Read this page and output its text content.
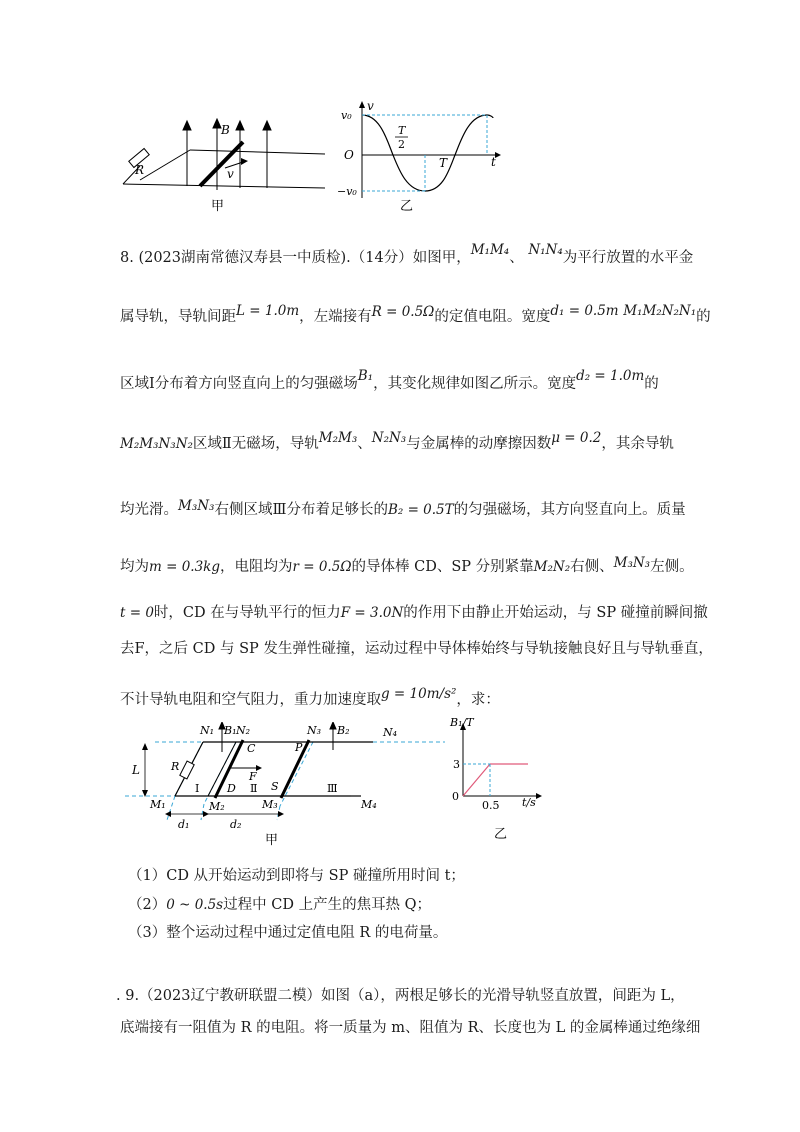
B
R	v
甲
v
v₀
O
−v₀
T
2
T	t
乙
8. (2023湖南常德汉寿县一中质检).（14分）如图甲，M₁M₄、 N₁N₄为平行放置的水平金
属导轨，导轨间距L = 1.0m，左端接有R = 0.5Ω的定值电阻。宽度d₁ = 0.5m M₁M₂N₂N₁的
区域Ⅰ分布着方向竖直向上的匀强磁场B₁，其变化规律如图乙所示。宽度d₂ = 1.0m的
M₂M₃N₃N₂区域Ⅱ无磁场，导轨M₂M₃、N₂N₃与金属棒的动摩擦因数μ = 0.2，其余导轨
均光滑。M₃N₃右侧区域Ⅲ分布着足够长的B₂ = 0.5T的匀强磁场，其方向竖直向上。质量
均为m = 0.3kg，电阻均为r = 0.5Ω的导体棒 CD、SP 分别紧靠M₂N₂右侧、M₃N₃左侧。
t = 0时，CD 在与导轨平行的恒力F = 3.0N的作用下由静止开始运动，与 SP 碰撞前瞬间撤
去F，之后 CD 与 SP 发生弹性碰撞，运动过程中导体棒始终与导轨接触良好且与导轨垂直，
不计导轨电阻和空气阻力，重力加速度取g = 10m/s²，求：
N₁ B₁ N₂	N₃ B₂	N₄
C	P
L	R
F
Ⅰ	D Ⅱ S	Ⅲ
M₁	M₂	M₃	M₄
d₁	d₂
甲
B₁/T
3
0
0.5 t/s
乙
（1）CD 从开始运动到即将与 SP 碰撞所用时间 t；
（2）0 ~ 0.5s过程中 CD 上产生的焦耳热 Q；
（3）整个运动过程中通过定值电阻 R 的电荷量。
. 9.（2023辽宁教研联盟二模）如图（a），两根足够长的光滑导轨竖直放置，间距为 L，
底端接有一阻值为 R 的电阻。将一质量为 m、阻值为 R、长度也为 L 的金属棒通过绝缘细
